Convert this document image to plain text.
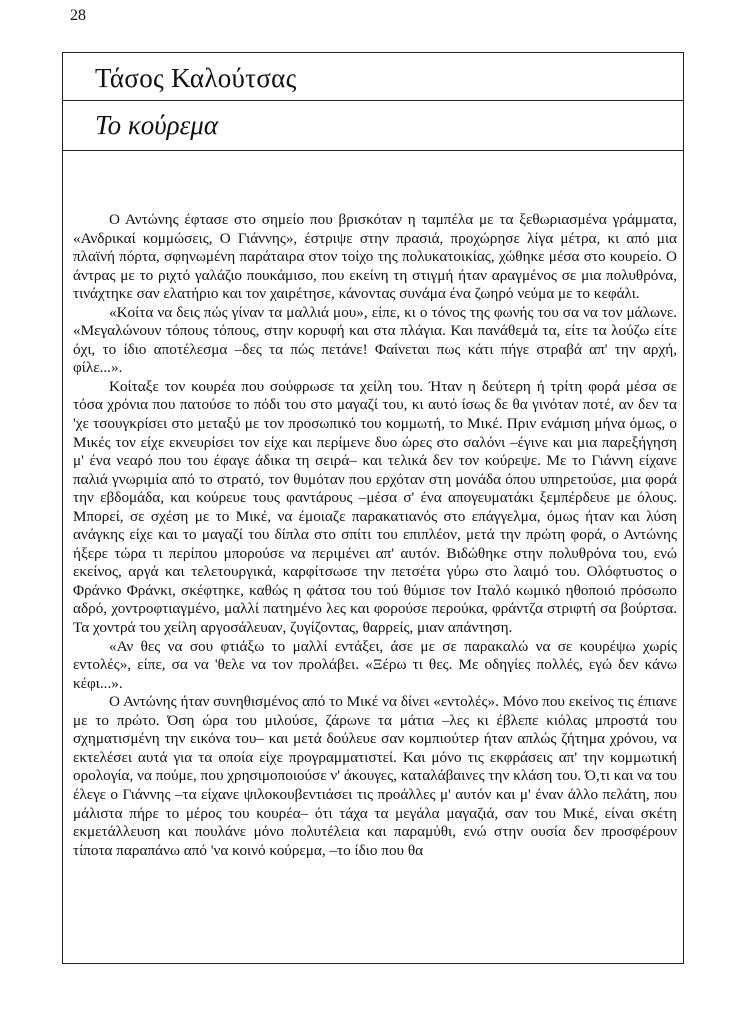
28
Τάσος Καλούτσας
Το κούρεμα

Ο Αντώνης έφτασε στο σημείο που βρισκόταν η ταμπέλα με τα ξεθωριασμένα γράμματα, «Ανδρικαί κομμώσεις, Ο Γιάννης», έστριψε στην πρασιά, προχώρησε λίγα μέτρα, κι από μια πλαϊνή πόρτα, σφηνωμένη παράταιρα στον τοίχο της πολυκατοικίας, χώθηκε μέσα στο κουρείο. Ο άντρας με το ριχτό γαλάζιο πουκάμισο, που εκείνη τη στιγμή ήταν αραγμένος σε μια πολυθρόνα, τινάχτηκε σαν ελατήριο και τον χαιρέτησε, κάνοντας συνάμα ένα ζωηρό νεύμα με το κεφάλι.

«Κοίτα να δεις πώς γίναν τα μαλλιά μου», είπε, κι ο τόνος της φωνής του σα να τον μάλωνε. «Μεγαλώνουν τόπους τόπους, στην κορυφή και στα πλάγια. Και πανάθεμά τα, είτε τα λούζω είτε όχι, το ίδιο αποτέλεσμα –δες τα πώς πετάνε! Φαίνεται πως κάτι πήγε στραβά απ' την αρχή, φίλε...».

Κοίταξε τον κουρέα που σούφρωσε τα χείλη του. Ήταν η δεύτερη ή τρίτη φορά μέσα σε τόσα χρόνια που πατούσε το πόδι του στο μαγαζί του, κι αυτό ίσως δε θα γινόταν ποτέ, αν δεν τα 'χε τσουγκρίσει στο μεταξύ με τον προσωπικό του κομμωτή, το Μικέ. Πριν ενάμιση μήνα όμως, ο Μικές τον είχε εκνευρίσει τον είχε και περίμενε δυο ώρες στο σαλόνι –έγινε και μια παρεξήγηση μ' ένα νεαρό που του έφαγε άδικα τη σειρά– και τελικά δεν τον κούρεψε. Με το Γιάννη είχανε παλιά γνωριμία από το στρατό, τον θυμόταν που ερχόταν στη μονάδα όπου υπηρετούσε, μια φορά την εβδομάδα, και κούρευε τους φαντάρους –μέσα σ' ένα απογευματάκι ξεμπέρδευε με όλους. Μπορεί, σε σχέση με το Μικέ, να έμοιαζε παρακατιανός στο επάγγελμα, όμως ήταν και λύση ανάγκης είχε και το μαγαζί του δίπλα στο σπίτι του επιπλέον, μετά την πρώτη φορά, ο Αντώνης ήξερε τώρα τι περίπου μπορούσε να περιμένει απ' αυτόν. Βιδώθηκε στην πολυθρόνα του, ενώ εκείνος, αργά και τελετουργικά, καρφίτσωσε την πετσέτα γύρω στο λαιμό του. Ολόφτυστος ο Φράνκο Φράνκι, σκέφτηκε, καθώς η φάτσα του τού θύμισε τον Ιταλό κωμικό ηθοποιό πρόσωπο αδρό, χοντροφτιαγμένο, μαλλί πατημένο λες και φορούσε περούκα, φράντζα στριφτή σα βούρτσα. Τα χοντρά του χείλη αργοσάλευαν, ζυγίζοντας, θαρρείς, μιαν απάντηση.

«Αν θες να σου φτιάξω το μαλλί εντάξει, άσε με σε παρακαλώ να σε κουρέψω χωρίς εντολές», είπε, σα να 'θελε να τον προλάβει. «Ξέρω τι θες. Με οδηγίες πολλές, εγώ δεν κάνω κέφι...».

Ο Αντώνης ήταν συνηθισμένος από το Μικέ να δίνει «εντολές». Μόνο που εκείνος τις έπιανε με το πρώτο. Όση ώρα του μιλούσε, ζάρωνε τα μάτια –λες κι έβλεπε κιόλας μπροστά του σχηματισμένη την εικόνα του– και μετά δούλευε σαν κομπιούτερ ήταν απλώς ζήτημα χρόνου, να εκτελέσει αυτά για τα οποία είχε προγραμματιστεί. Και μόνο τις εκφράσεις απ' την κομμωτική ορολογία, να πούμε, που χρησιμοποιούσε ν' άκουγες, καταλάβαινες την κλάση του. Ό,τι και να του έλεγε ο Γιάννης –τα είχανε ψιλοκουβεντιάσει τις προάλλες μ' αυτόν και μ' έναν άλλο πελάτη, που μάλιστα πήρε το μέρος του κουρέα– ότι τάχα τα μεγάλα μαγαζιά, σαν του Μικέ, είναι σκέτη εκμετάλλευση και πουλάνε μόνο πολυτέλεια και παραμύθι, ενώ στην ουσία δεν προσφέρουν τίποτα παραπάνω από 'να κοινό κούρεμα, –το ίδιο που θα
